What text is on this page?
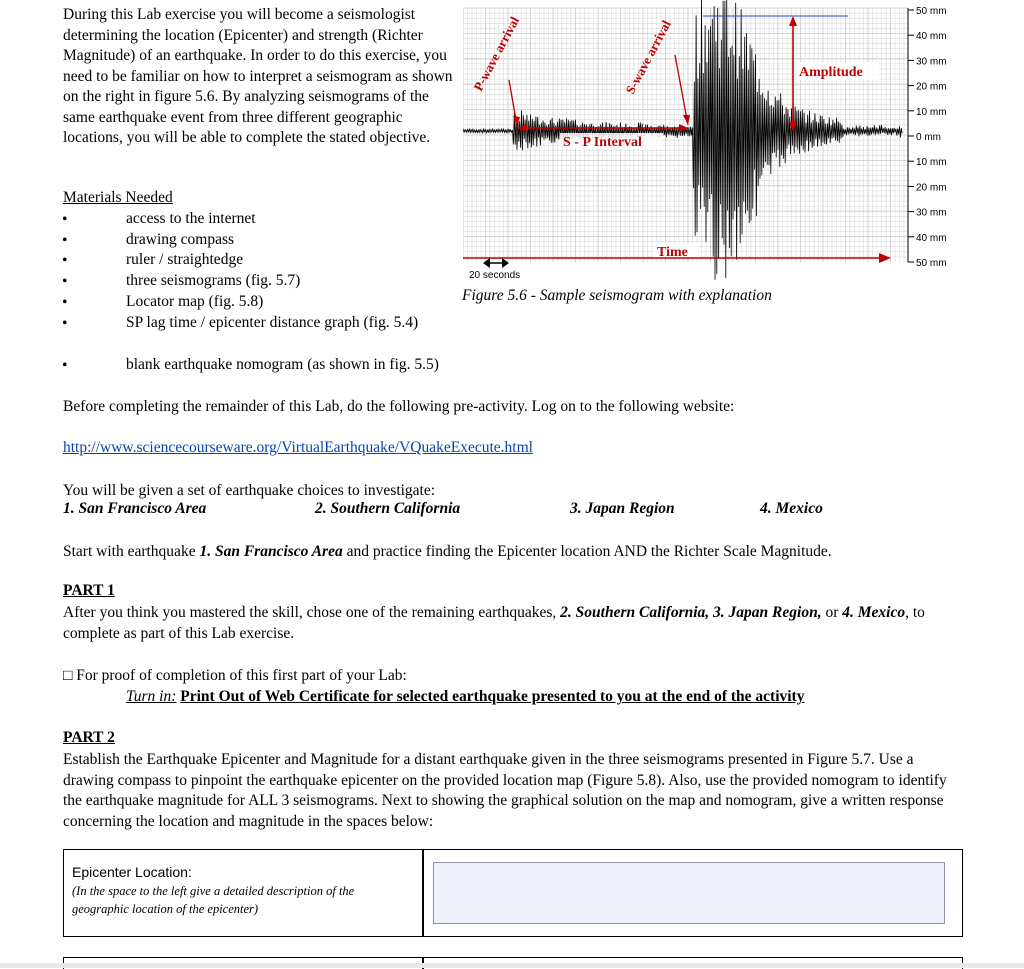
During this Lab exercise you will become a seismologist determining the location (Epicenter) and strength (Richter Magnitude) of an earthquake. In order to do this exercise, you need to be familiar on how to interpret a seismogram as shown on the right in figure 5.6. By analyzing seismograms of the same earthquake event from three different geographic locations, you will be able to complete the stated objective.
Materials Needed
•	access to the internet
•	drawing compass
•	ruler / straightedge
•	three seismograms (fig. 5.7)
•	Locator map (fig. 5.8)
•	SP lag time / epicenter distance graph (fig. 5.4)
•	blank earthquake nomogram (as shown in fig. 5.5)
50 mm
40 mm
30 mm
20 mm
10 mm
0 mm
10 mm
20 mm
30 mm
40 mm
50 mm
P-wave arrival	S-wave arrival
S - P Interval
Amplitude
Time
20 seconds
Figure 5.6 - Sample seismogram with explanation
Before completing the remainder of this Lab, do the following pre-activity. Log on to the following website:
http://www.sciencecourseware.org/VirtualEarthquake/VQuakeExecute.html
You will be given a set of earthquake choices to investigate:
1. San Francisco Area	2. Southern California	3. Japan Region	4. Mexico
Start with earthquake 1. San Francisco Area and practice finding the Epicenter location AND the Richter Scale Magnitude.
PART 1
After you think you mastered the skill, chose one of the remaining earthquakes, 2. Southern California, 3. Japan Region, or 4. Mexico, to complete as part of this Lab exercise.
□ For proof of completion of this first part of your Lab:
Turn in: Print Out of Web Certificate for selected earthquake presented to you at the end of the activity
PART 2
Establish the Earthquake Epicenter and Magnitude for a distant earthquake given in the three seismograms presented in Figure 5.7. Use a drawing compass to pinpoint the earthquake epicenter on the provided location map (Figure 5.8). Also, use the provided nomogram to identify the earthquake magnitude for ALL 3 seismograms. Next to showing the graphical solution on the map and nomogram, give a written response concerning the location and magnitude in the spaces below:
Epicenter Location:
(In the space to the left give a detailed description of the geographic location of the epicenter)
